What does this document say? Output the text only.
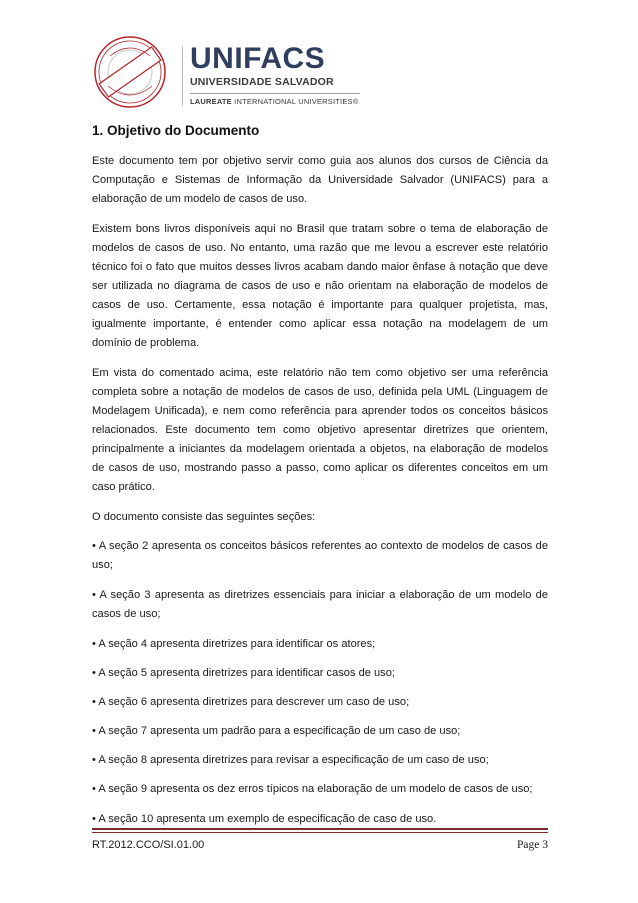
UNIFACS
UNIVERSIDADE SALVADOR
LAUREATE INTERNATIONAL UNIVERSITIES®
1. Objetivo do Documento

Este documento tem por objetivo servir como guia aos alunos dos cursos de Ciência da Computação e Sistemas de Informação da Universidade Salvador (UNIFACS) para a elaboração de um modelo de casos de uso.

Existem bons livros disponíveis aqui no Brasil que tratam sobre o tema de elaboração de modelos de casos de uso. No entanto, uma razão que me levou a escrever este relatório técnico foi o fato que muitos desses livros acabam dando maior ênfase à notação que deve ser utilizada no diagrama de casos de uso e não orientam na elaboração de modelos de casos de uso. Certamente, essa notação é importante para qualquer projetista, mas, igualmente importante, é entender como aplicar essa notação na modelagem de um domínio de problema.

Em vista do comentado acima, este relatório não tem como objetivo ser uma referência completa sobre a notação de modelos de casos de uso, definida pela UML (Linguagem de Modelagem Unificada), e nem como referência para aprender todos os conceitos básicos relacionados. Este documento tem como objetivo apresentar diretrizes que orientem, principalmente a iniciantes da modelagem orientada a objetos, na elaboração de modelos de casos de uso, mostrando passo a passo, como aplicar os diferentes conceitos em um caso prático.

O documento consiste das seguintes seções:

• A seção 2 apresenta os conceitos básicos referentes ao contexto de modelos de casos de uso;

• A seção 3 apresenta as diretrizes essenciais para iniciar a elaboração de um modelo de casos de uso;

• A seção 4 apresenta diretrizes para identificar os atores;

• A seção 5 apresenta diretrizes para identificar casos de uso;

• A seção 6 apresenta diretrizes para descrever um caso de uso;

• A seção 7 apresenta um padrão para a especificação de um caso de uso;

• A seção 8 apresenta diretrizes para revisar a especificação de um caso de uso;

• A seção 9 apresenta os dez erros típicos na elaboração de um modelo de casos de uso;

• A seção 10 apresenta um exemplo de especificação de caso de uso.

RT.2012.CCO/SI.01.00	Page 3
